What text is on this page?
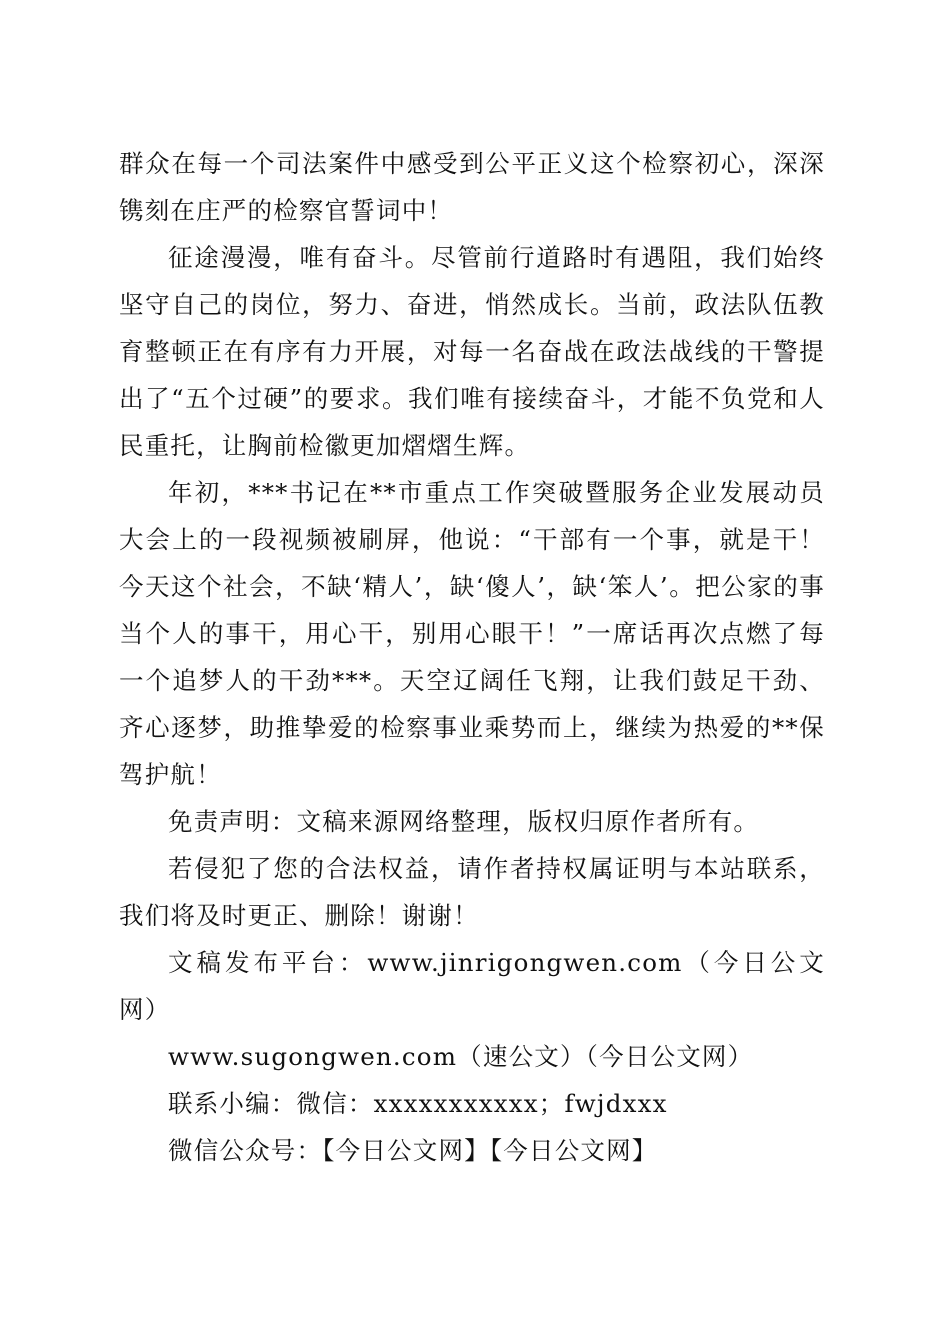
群众在每一个司法案件中感受到公平正义这个检察初心，深深镌刻在庄严的检察官誓词中！

征途漫漫，唯有奋斗。尽管前行道路时有遇阻，我们始终坚守自己的岗位，努力、奋进，悄然成长。当前，政法队伍教育整顿正在有序有力开展，对每一名奋战在政法战线的干警提出了“五个过硬”的要求。我们唯有接续奋斗，才能不负党和人民重托，让胸前检徽更加熠熠生辉。

年初，***书记在**市重点工作突破暨服务企业发展动员大会上的一段视频被刷屏，他说：“干部有一个事，就是干！今天这个社会，不缺‘精人’，缺‘傻人’，缺‘笨人’。把公家的事当个人的事干，用心干，别用心眼干！”一席话再次点燃了每一个追梦人的干劲***。天空辽阔任飞翔，让我们鼓足干劲、齐心逐梦，助推挚爱的检察事业乘势而上，继续为热爱的**保驾护航！

免责声明：文稿来源网络整理，版权归原作者所有。

若侵犯了您的合法权益，请作者持权属证明与本站联系，我们将及时更正、删除！谢谢！

文稿发布平台：www.jinrigongwen.com（今日公文网）

www.sugongwen.com（速公文）（今日公文网）

联系小编：微信：xxxxxxxxxxx；fwjdxxx

微信公众号：【今日公文网】【今日公文网】
